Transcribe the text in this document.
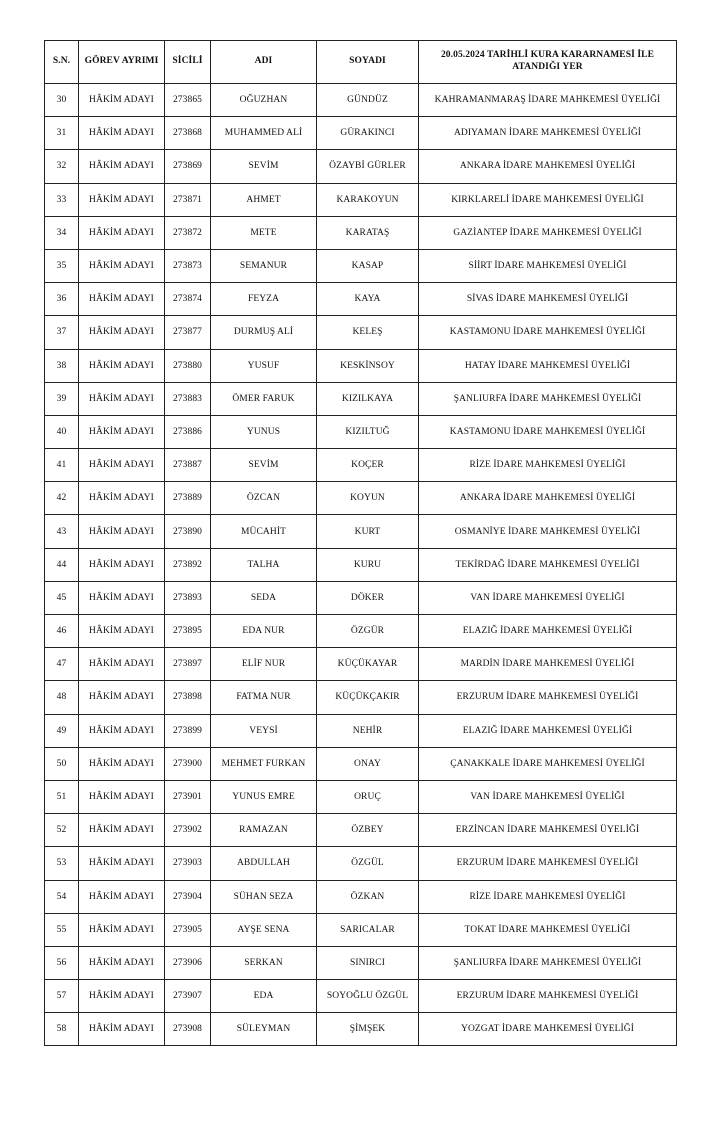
S.N.	GÖREV AYRIMI	SİCİLİ	ADI	SOYADI	20.05.2024 TARİHLİ KURA KARARNAMESİ İLE ATANDIĞI YER
30	HÂKİM ADAYI	273865	OĞUZHAN	GÜNDÜZ	KAHRAMANMARAŞ İDARE MAHKEMESİ ÜYELİĞİ
31	HÂKİM ADAYI	273868	MUHAMMED ALİ	GÜRAKINCI	ADIYAMAN İDARE MAHKEMESİ ÜYELİĞİ
32	HÂKİM ADAYI	273869	SEVİM	ÖZAYBİ GÜRLER	ANKARA İDARE MAHKEMESİ ÜYELİĞİ
33	HÂKİM ADAYI	273871	AHMET	KARAKOYUN	KIRKLARELİ İDARE MAHKEMESİ ÜYELİĞİ
34	HÂKİM ADAYI	273872	METE	KARATAŞ	GAZİANTEP İDARE MAHKEMESİ ÜYELİĞİ
35	HÂKİM ADAYI	273873	SEMANUR	KASAP	SİİRT İDARE MAHKEMESİ ÜYELİĞİ
36	HÂKİM ADAYI	273874	FEYZA	KAYA	SİVAS İDARE MAHKEMESİ ÜYELİĞİ
37	HÂKİM ADAYI	273877	DURMUŞ ALİ	KELEŞ	KASTAMONU İDARE MAHKEMESİ ÜYELİĞİ
38	HÂKİM ADAYI	273880	YUSUF	KESKİNSOY	HATAY İDARE MAHKEMESİ ÜYELİĞİ
39	HÂKİM ADAYI	273883	ÖMER FARUK	KIZILKAYA	ŞANLIURFA İDARE MAHKEMESİ ÜYELİĞİ
40	HÂKİM ADAYI	273886	YUNUS	KIZILTUĞ	KASTAMONU İDARE MAHKEMESİ ÜYELİĞİ
41	HÂKİM ADAYI	273887	SEVİM	KOÇER	RİZE İDARE MAHKEMESİ ÜYELİĞİ
42	HÂKİM ADAYI	273889	ÖZCAN	KOYUN	ANKARA İDARE MAHKEMESİ ÜYELİĞİ
43	HÂKİM ADAYI	273890	MÜCAHİT	KURT	OSMANİYE İDARE MAHKEMESİ ÜYELİĞİ
44	HÂKİM ADAYI	273892	TALHA	KURU	TEKİRDAĞ İDARE MAHKEMESİ ÜYELİĞİ
45	HÂKİM ADAYI	273893	SEDA	DÖKER	VAN İDARE MAHKEMESİ ÜYELİĞİ
46	HÂKİM ADAYI	273895	EDA NUR	ÖZGÜR	ELAZIĞ İDARE MAHKEMESİ ÜYELİĞİ
47	HÂKİM ADAYI	273897	ELİF NUR	KÜÇÜKAYAR	MARDİN İDARE MAHKEMESİ ÜYELİĞİ
48	HÂKİM ADAYI	273898	FATMA NUR	KÜÇÜKÇAKIR	ERZURUM İDARE MAHKEMESİ ÜYELİĞİ
49	HÂKİM ADAYI	273899	VEYSİ	NEHİR	ELAZIĞ İDARE MAHKEMESİ ÜYELİĞİ
50	HÂKİM ADAYI	273900	MEHMET FURKAN	ONAY	ÇANAKKALE İDARE MAHKEMESİ ÜYELİĞİ
51	HÂKİM ADAYI	273901	YUNUS EMRE	ORUÇ	VAN İDARE MAHKEMESİ ÜYELİĞİ
52	HÂKİM ADAYI	273902	RAMAZAN	ÖZBEY	ERZİNCAN İDARE MAHKEMESİ ÜYELİĞİ
53	HÂKİM ADAYI	273903	ABDULLAH	ÖZGÜL	ERZURUM İDARE MAHKEMESİ ÜYELİĞİ
54	HÂKİM ADAYI	273904	SÜHAN SEZA	ÖZKAN	RİZE İDARE MAHKEMESİ ÜYELİĞİ
55	HÂKİM ADAYI	273905	AYŞE SENA	SARICALAR	TOKAT İDARE MAHKEMESİ ÜYELİĞİ
56	HÂKİM ADAYI	273906	SERKAN	SINIRCI	ŞANLIURFA İDARE MAHKEMESİ ÜYELİĞİ
57	HÂKİM ADAYI	273907	EDA	SOYOĞLU ÖZGÜL	ERZURUM İDARE MAHKEMESİ ÜYELİĞİ
58	HÂKİM ADAYI	273908	SÜLEYMAN	ŞİMŞEK	YOZGAT İDARE MAHKEMESİ ÜYELİĞİ
